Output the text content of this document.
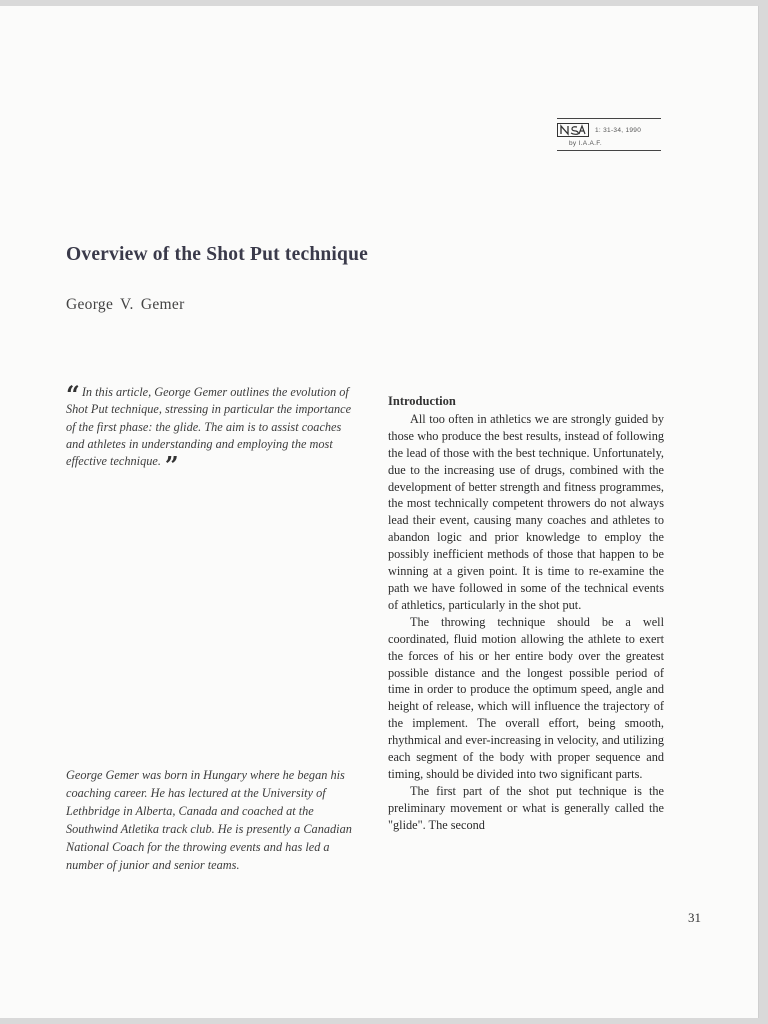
1: 31-34, 1990
by I.A.A.F.
Overview of the Shot Put technique
George V. Gemer

“ In this article, George Gemer outlines the evolution of Shot Put technique, stressing in particular the importance of the first phase: the glide. The aim is to assist coaches and athletes in understanding and employing the most effective technique. ”

George Gemer was born in Hungary where he began his coaching career. He has lectured at the University of Lethbridge in Alberta, Canada and coached at the Southwind Atletika track club. He is presently a Canadian National Coach for the throwing events and has led a number of junior and senior teams.

Introduction

All too often in athletics we are strongly guided by those who produce the best results, instead of following the lead of those with the best technique. Unfortunately, due to the increasing use of drugs, combined with the development of better strength and fitness programmes, the most technically competent throwers do not always lead their event, causing many coaches and athletes to abandon logic and prior knowledge to employ the possibly inefficient methods of those that happen to be winning at a given point. It is time to re-examine the path we have followed in some of the technical events of athletics, particularly in the shot put.

The throwing technique should be a well coordinated, fluid motion allowing the athlete to exert the forces of his or her entire body over the greatest possible distance and the longest possible period of time in order to produce the optimum speed, angle and height of release, which will influence the trajectory of the implement. The overall effort, being smooth, rhythmical and ever-increasing in velocity, and utilizing each segment of the body with proper sequence and timing, should be divided into two significant parts.

The first part of the shot put technique is the preliminary movement or what is generally called the "glide". The second

31
